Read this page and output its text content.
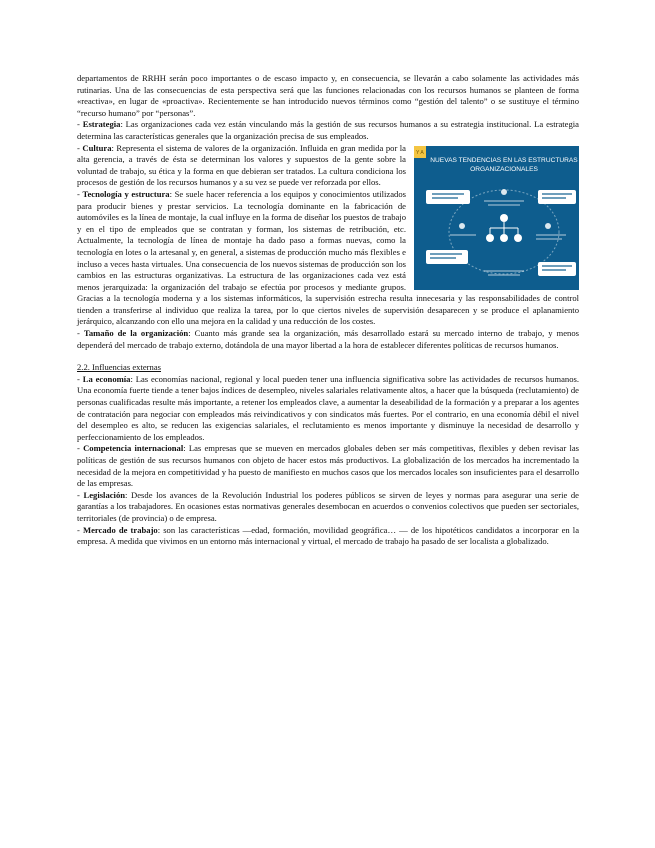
departamentos de RRHH serán poco importantes o de escaso impacto y, en consecuencia, se llevarán a cabo solamente las actividades más rutinarias. Una de las consecuencias de esta perspectiva será que las funciones relacionadas con los recursos humanos se planteen de forma «reactiva», en lugar de «proactiva». Recientemente se han introducido nuevos términos como “gestión del talento” o se sustituye el término “recurso humano” por “personas”.

- Estrategia: Las organizaciones cada vez están vinculando más la gestión de sus recursos humanos a su estrategia institucional. La estrategia determina las características generales que la organización precisa de sus empleados.

Y A
NUEVAS TENDENCIAS EN LAS ESTRUCTURAS
ORGANIZACIONALES

- Cultura: Representa el sistema de valores de la organización. Influida en gran medida por la alta gerencia, a través de ésta se determinan los valores y supuestos de la gente sobre la voluntad de trabajo, su ética y la forma en que debieran ser tratados. La cultura condiciona los procesos de gestión de los recursos humanos y a su vez se puede ver reforzada por ellos.

- Tecnología y estructura: Se suele hacer referencia a los equipos y conocimientos utilizados para producir bienes y prestar servicios. La tecnología dominante en la fabricación de automóviles es la línea de montaje, la cual influye en la forma de diseñar los puestos de trabajo y en el tipo de empleados que se contratan y forman, los sistemas de retribución, etc. Actualmente, la tecnología de línea de montaje ha dado paso a formas nuevas, como la tecnología en lotes o la artesanal y, en general, a sistemas de producción mucho más flexibles e incluso a veces hasta virtuales. Una consecuencia de los nuevos sistemas de producción son los cambios en las estructuras organizativas. La estructura de las organizaciones cada vez está menos jerarquizada: la organización del trabajo se efectúa por procesos y mediante grupos. Gracias a la tecnología moderna y a los sistemas informáticos, la supervisión estrecha resulta innecesaria y las responsabilidades de control tienden a transferirse al individuo que realiza la tarea, por lo que ciertos niveles de supervisión desaparecen y se produce el aplanamiento jerárquico, alcanzando con ello una mejora en la calidad y una reducción de los costes.

- Tamaño de la organización: Cuanto más grande sea la organización, más desarrollado estará su mercado interno de trabajo, y menos dependerá del mercado de trabajo externo, dotándola de una mayor libertad a la hora de establecer diferentes políticas de recursos humanos.

2.2. Influencias externas

- La economía: Las economías nacional, regional y local pueden tener una influencia significativa sobre las actividades de recursos humanos. Una economía fuerte tiende a tener bajos índices de desempleo, niveles salariales relativamente altos, a hacer que la búsqueda (reclutamiento) de personas cualificadas resulte más importante, a retener los empleados clave, a aumentar la deseabilidad de la formación y a preparar a los agentes de contratación para negociar con empleados más reivindicativos y con sindicatos más fuertes. Por el contrario, en una economía débil el nivel del desempleo es alto, se reducen las exigencias salariales, el reclutamiento es menos importante y disminuye la necesidad de desarrollo y perfeccionamiento de los empleados.

- Competencia internacional: Las empresas que se mueven en mercados globales deben ser más competitivas, flexibles y deben revisar las políticas de gestión de sus recursos humanos con objeto de hacer estos más productivos. La globalización de los mercados ha incrementado la necesidad de la mejora en competitividad y ha puesto de manifiesto en muchos casos que los mercados locales son insuficientes para el desarrollo de las empresas.

- Legislación: Desde los avances de la Revolución Industrial los poderes públicos se sirven de leyes y normas para asegurar una serie de garantías a los trabajadores. En ocasiones estas normativas generales desembocan en acuerdos o convenios colectivos que pueden ser sectoriales, territoriales (de provincia) o de empresa.

- Mercado de trabajo: son las características —edad, formación, movilidad geográfica… — de los hipotéticos candidatos a incorporar en la empresa. A medida que vivimos en un entorno más internacional y virtual, el mercado de trabajo ha pasado de ser localista a globalizado.
